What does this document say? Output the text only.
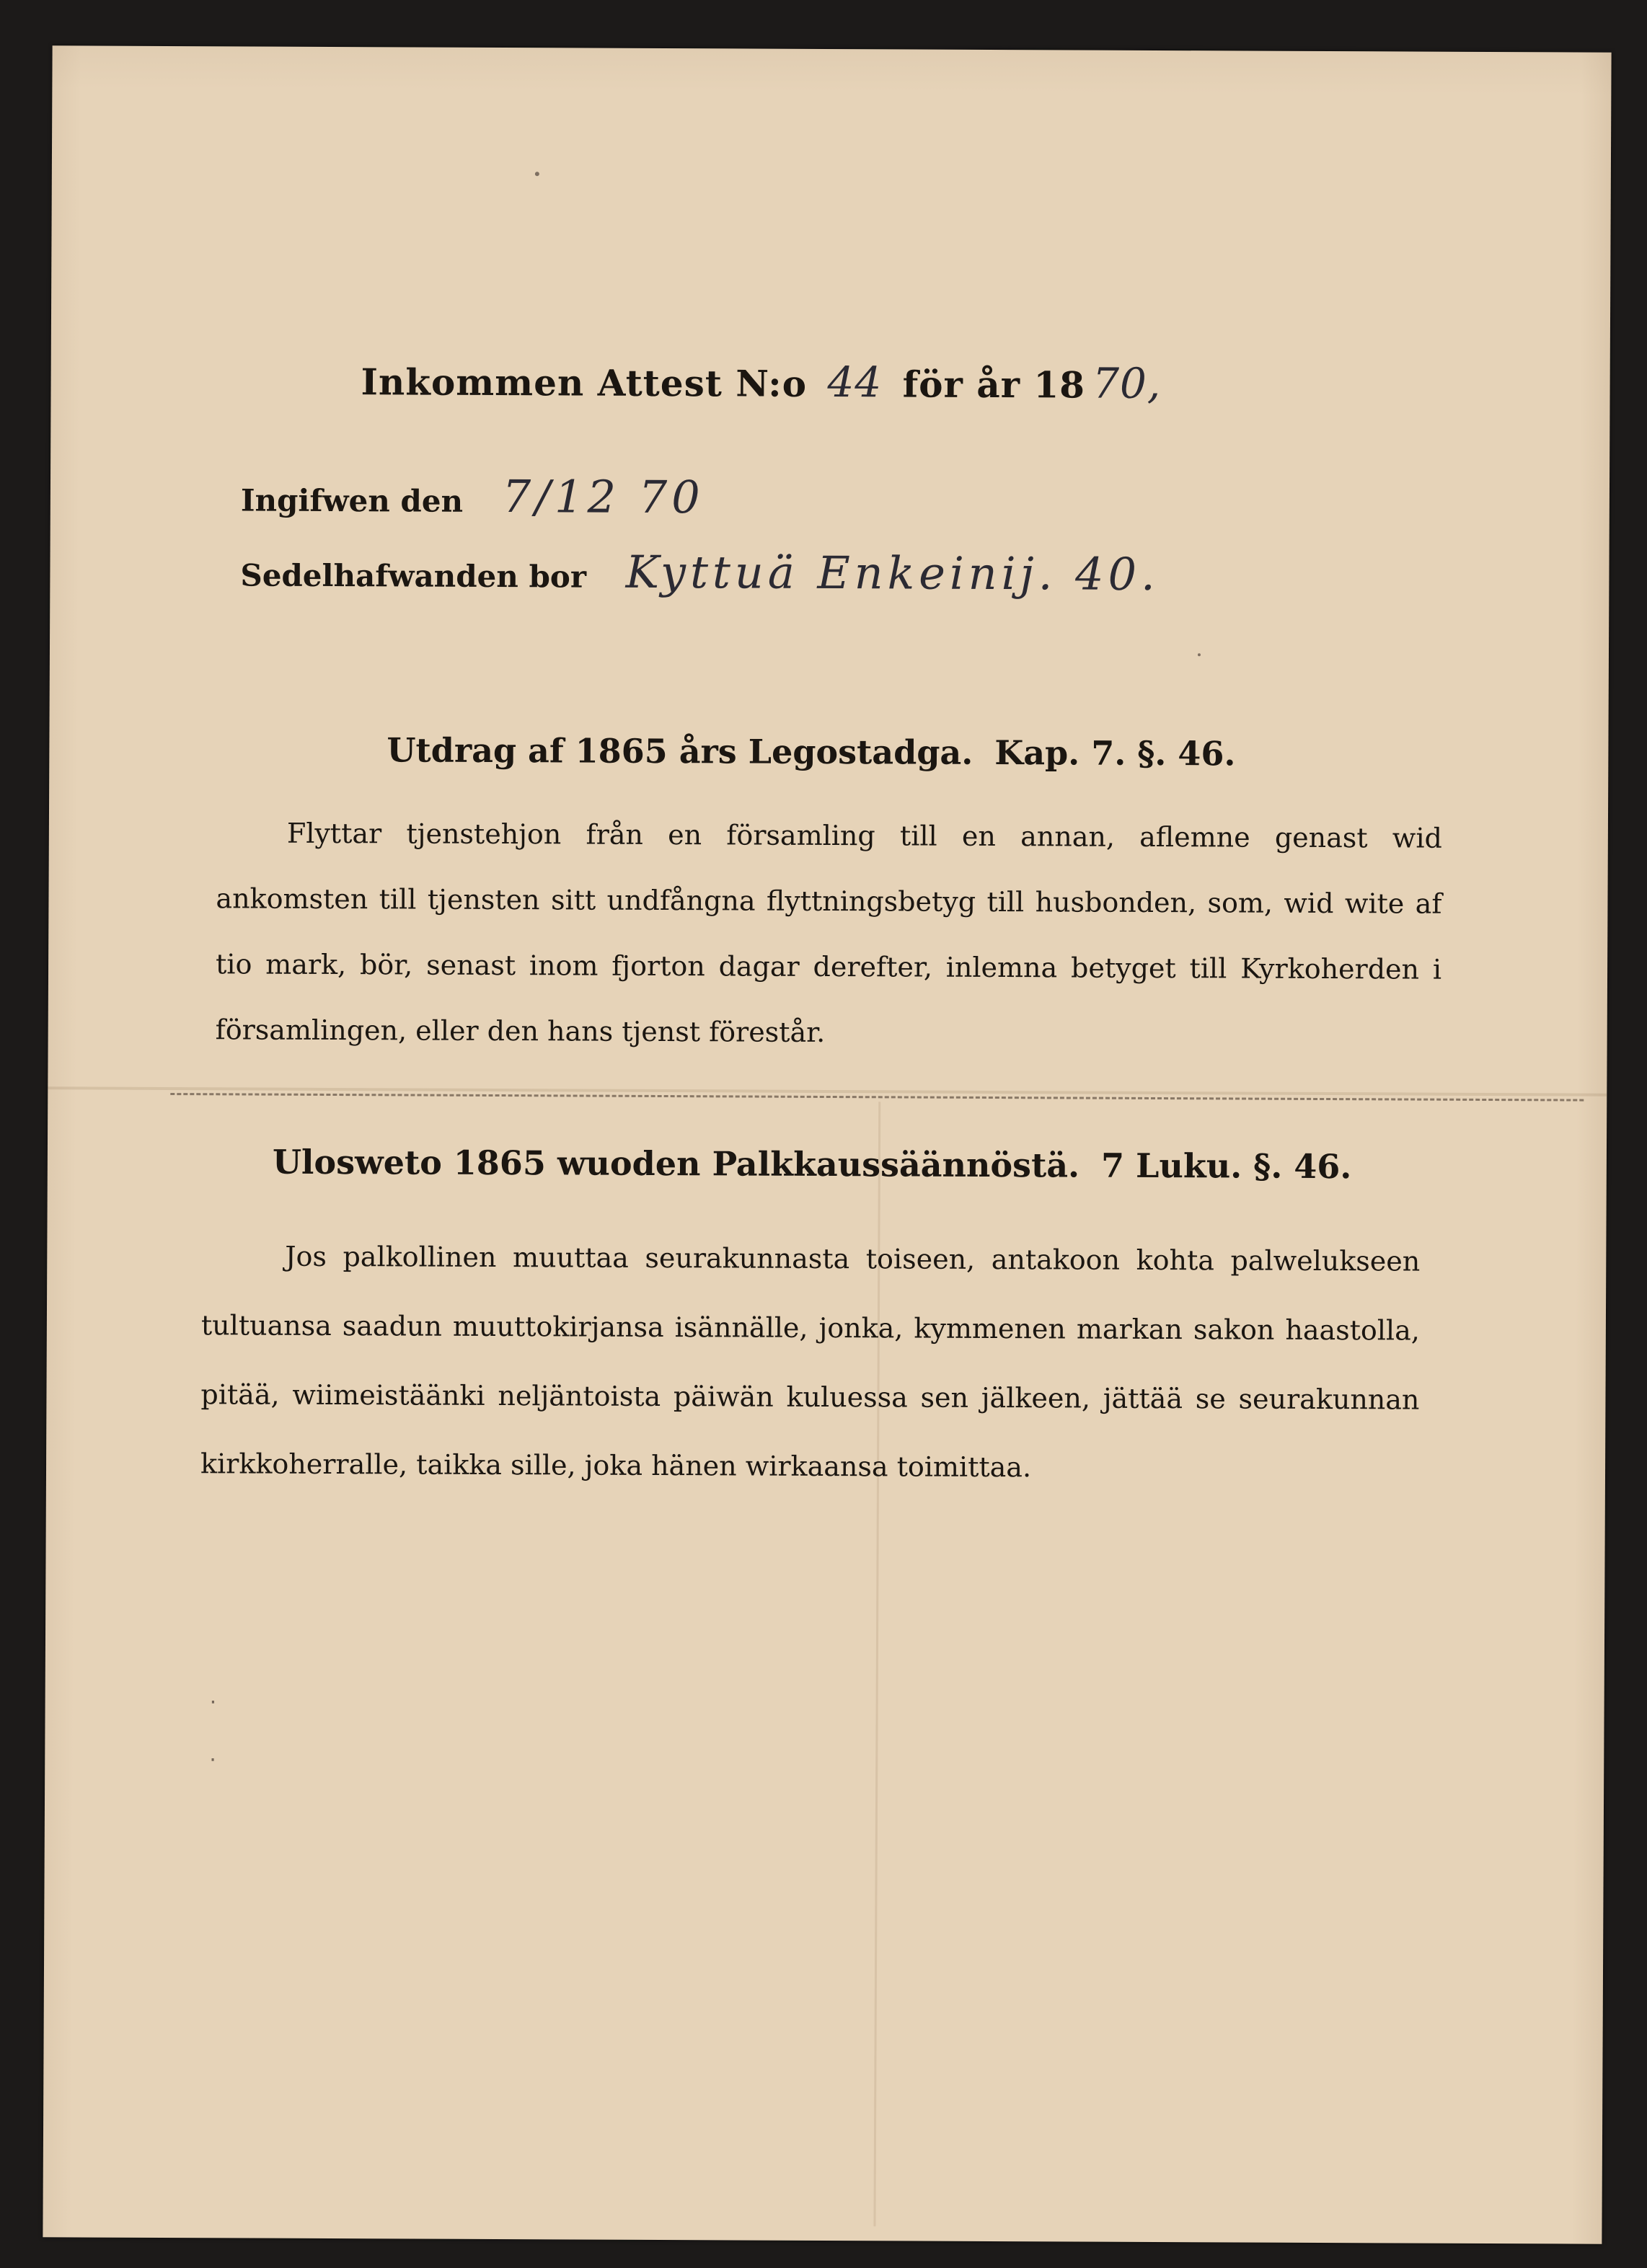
·
·
Inkommen Attest N:o 44 för år 18 70,
Ingifwen den 7/12 70
Sedelhafwanden bor Kyttuä Enkeinij. 40.
Utdrag af 1865 års Legostadga. Kap. 7. §. 46.
Flyttar tjenstehjon från en församling till en annan, aflemne genast wid ankomsten till tjensten sitt undfångna flyttningsbetyg till husbonden, som, wid wite af tio mark, bör, senast inom fjorton dagar derefter, inlemna betyget till Kyrkoherden i församlingen, eller den hans tjenst förestår.
Ulosweto 1865 wuoden Palkkaussäännöstä. 7 Luku. §. 46.
Jos palkollinen muuttaa seurakunnasta toiseen, antakoon kohta palwelukseen tultuansa saadun muuttokirjansa isännälle, jonka, kymmenen markan sakon haastolla, pitää, wiimeistäänki neljäntoista päiwän kuluessa sen jälkeen, jättää se seurakunnan kirkkoherralle, taikka sille, joka hänen wirkaansa toimittaa.
